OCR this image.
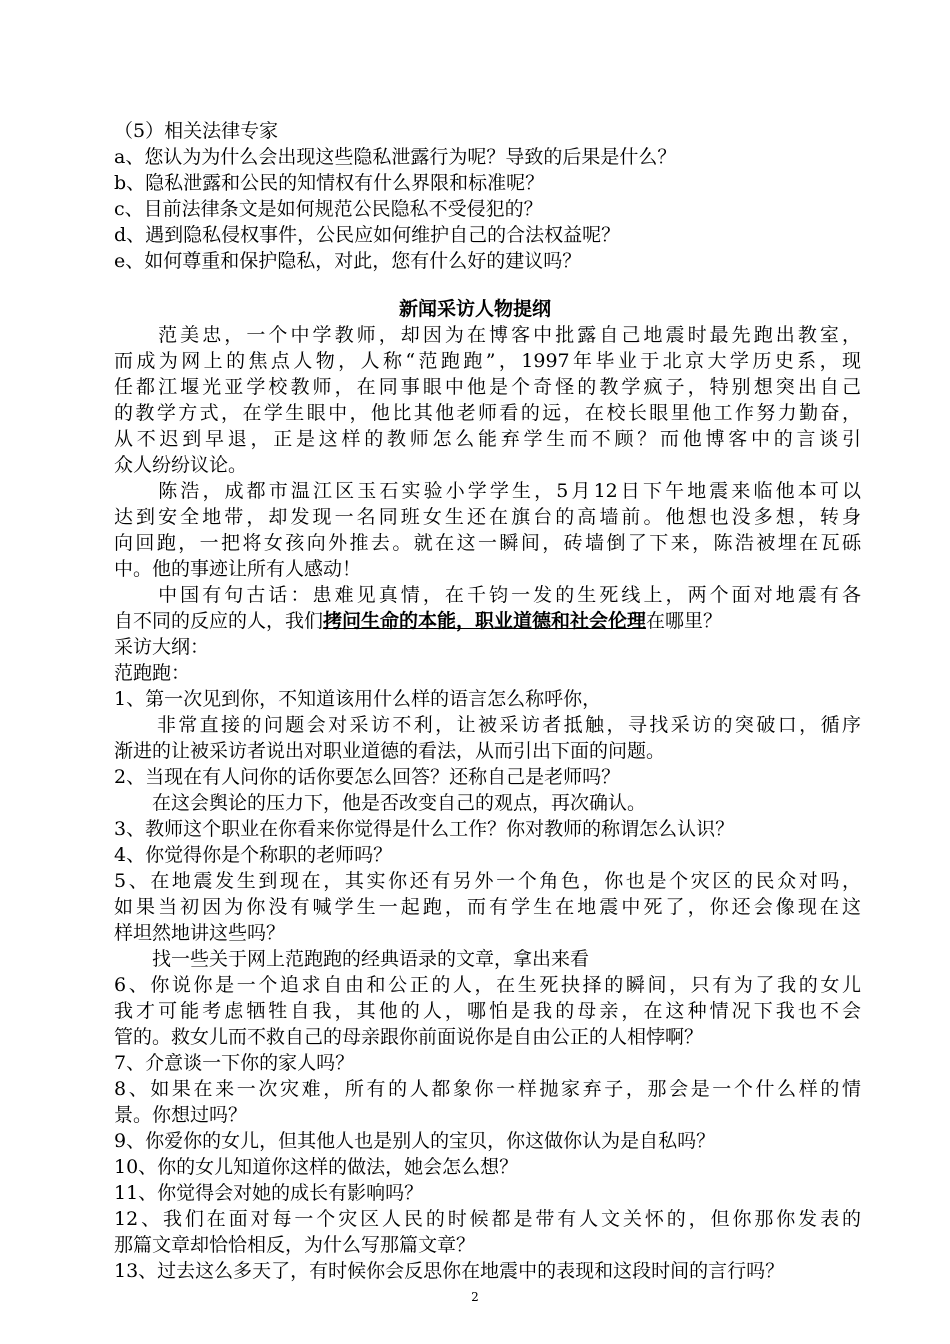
（5）相关法律专家
a、您认为为什么会出现这些隐私泄露行为呢？导致的后果是什么？
b、隐私泄露和公民的知情权有什么界限和标准呢？
c、目前法律条文是如何规范公民隐私不受侵犯的？
d、遇到隐私侵权事件，公民应如何维护自己的合法权益呢？
e、如何尊重和保护隐私，对此，您有什么好的建议吗？
新闻采访人物提纲
　　范美忠，一个中学教师，却因为在博客中批露自己地震时最先跑出教室，
而成为网上的焦点人物，人称“范跑跑”，1997年毕业于北京大学历史系，现
任都江堰光亚学校教师，在同事眼中他是个奇怪的教学疯子，特别想突出自己
的教学方式，在学生眼中，他比其他老师看的远，在校长眼里他工作努力勤奋，
从不迟到早退，正是这样的教师怎么能弃学生而不顾？而他博客中的言谈引
众人纷纷议论。
　　陈浩，成都市温江区玉石实验小学学生，5月12日下午地震来临他本可以
达到安全地带，却发现一名同班女生还在旗台的高墙前。他想也没多想，转身
向回跑，一把将女孩向外推去。就在这一瞬间，砖墙倒了下来，陈浩被埋在瓦砾
中。他的事迹让所有人感动！
　　中国有句古话：患难见真情，在千钧一发的生死线上，两个面对地震有各
自不同的反应的人，我们拷问生命的本能，职业道德和社会伦理在哪里？
采访大纲：
范跑跑：
1、第一次见到你，不知道该用什么样的语言怎么称呼你，
　　非常直接的问题会对采访不利，让被采访者抵触，寻找采访的突破口，循序
渐进的让被采访者说出对职业道德的看法，从而引出下面的问题。
2、当现在有人问你的话你要怎么回答？还称自己是老师吗？
　　在这会舆论的压力下，他是否改变自己的观点，再次确认。
3、教师这个职业在你看来你觉得是什么工作？你对教师的称谓怎么认识？
4、你觉得你是个称职的老师吗？
5、在地震发生到现在，其实你还有另外一个角色，你也是个灾区的民众对吗，
如果当初因为你没有喊学生一起跑，而有学生在地震中死了，你还会像现在这
样坦然地讲这些吗？
　　找一些关于网上范跑跑的经典语录的文章，拿出来看
6、你说你是一个追求自由和公正的人，在生死抉择的瞬间，只有为了我的女儿
我才可能考虑牺牲自我，其他的人，哪怕是我的母亲，在这种情况下我也不会
管的。救女儿而不救自己的母亲跟你前面说你是自由公正的人相悖啊？
7、介意谈一下你的家人吗？
8、如果在来一次灾难，所有的人都象你一样抛家弃子，那会是一个什么样的情
景。你想过吗？
9、你爱你的女儿，但其他人也是别人的宝贝，你这做你认为是自私吗？
10、你的女儿知道你这样的做法，她会怎么想？
11、你觉得会对她的成长有影响吗？
12、我们在面对每一个灾区人民的时候都是带有人文关怀的，但你那你发表的
那篇文章却恰恰相反，为什么写那篇文章？
13、过去这么多天了，有时候你会反思你在地震中的表现和这段时间的言行吗？
2
